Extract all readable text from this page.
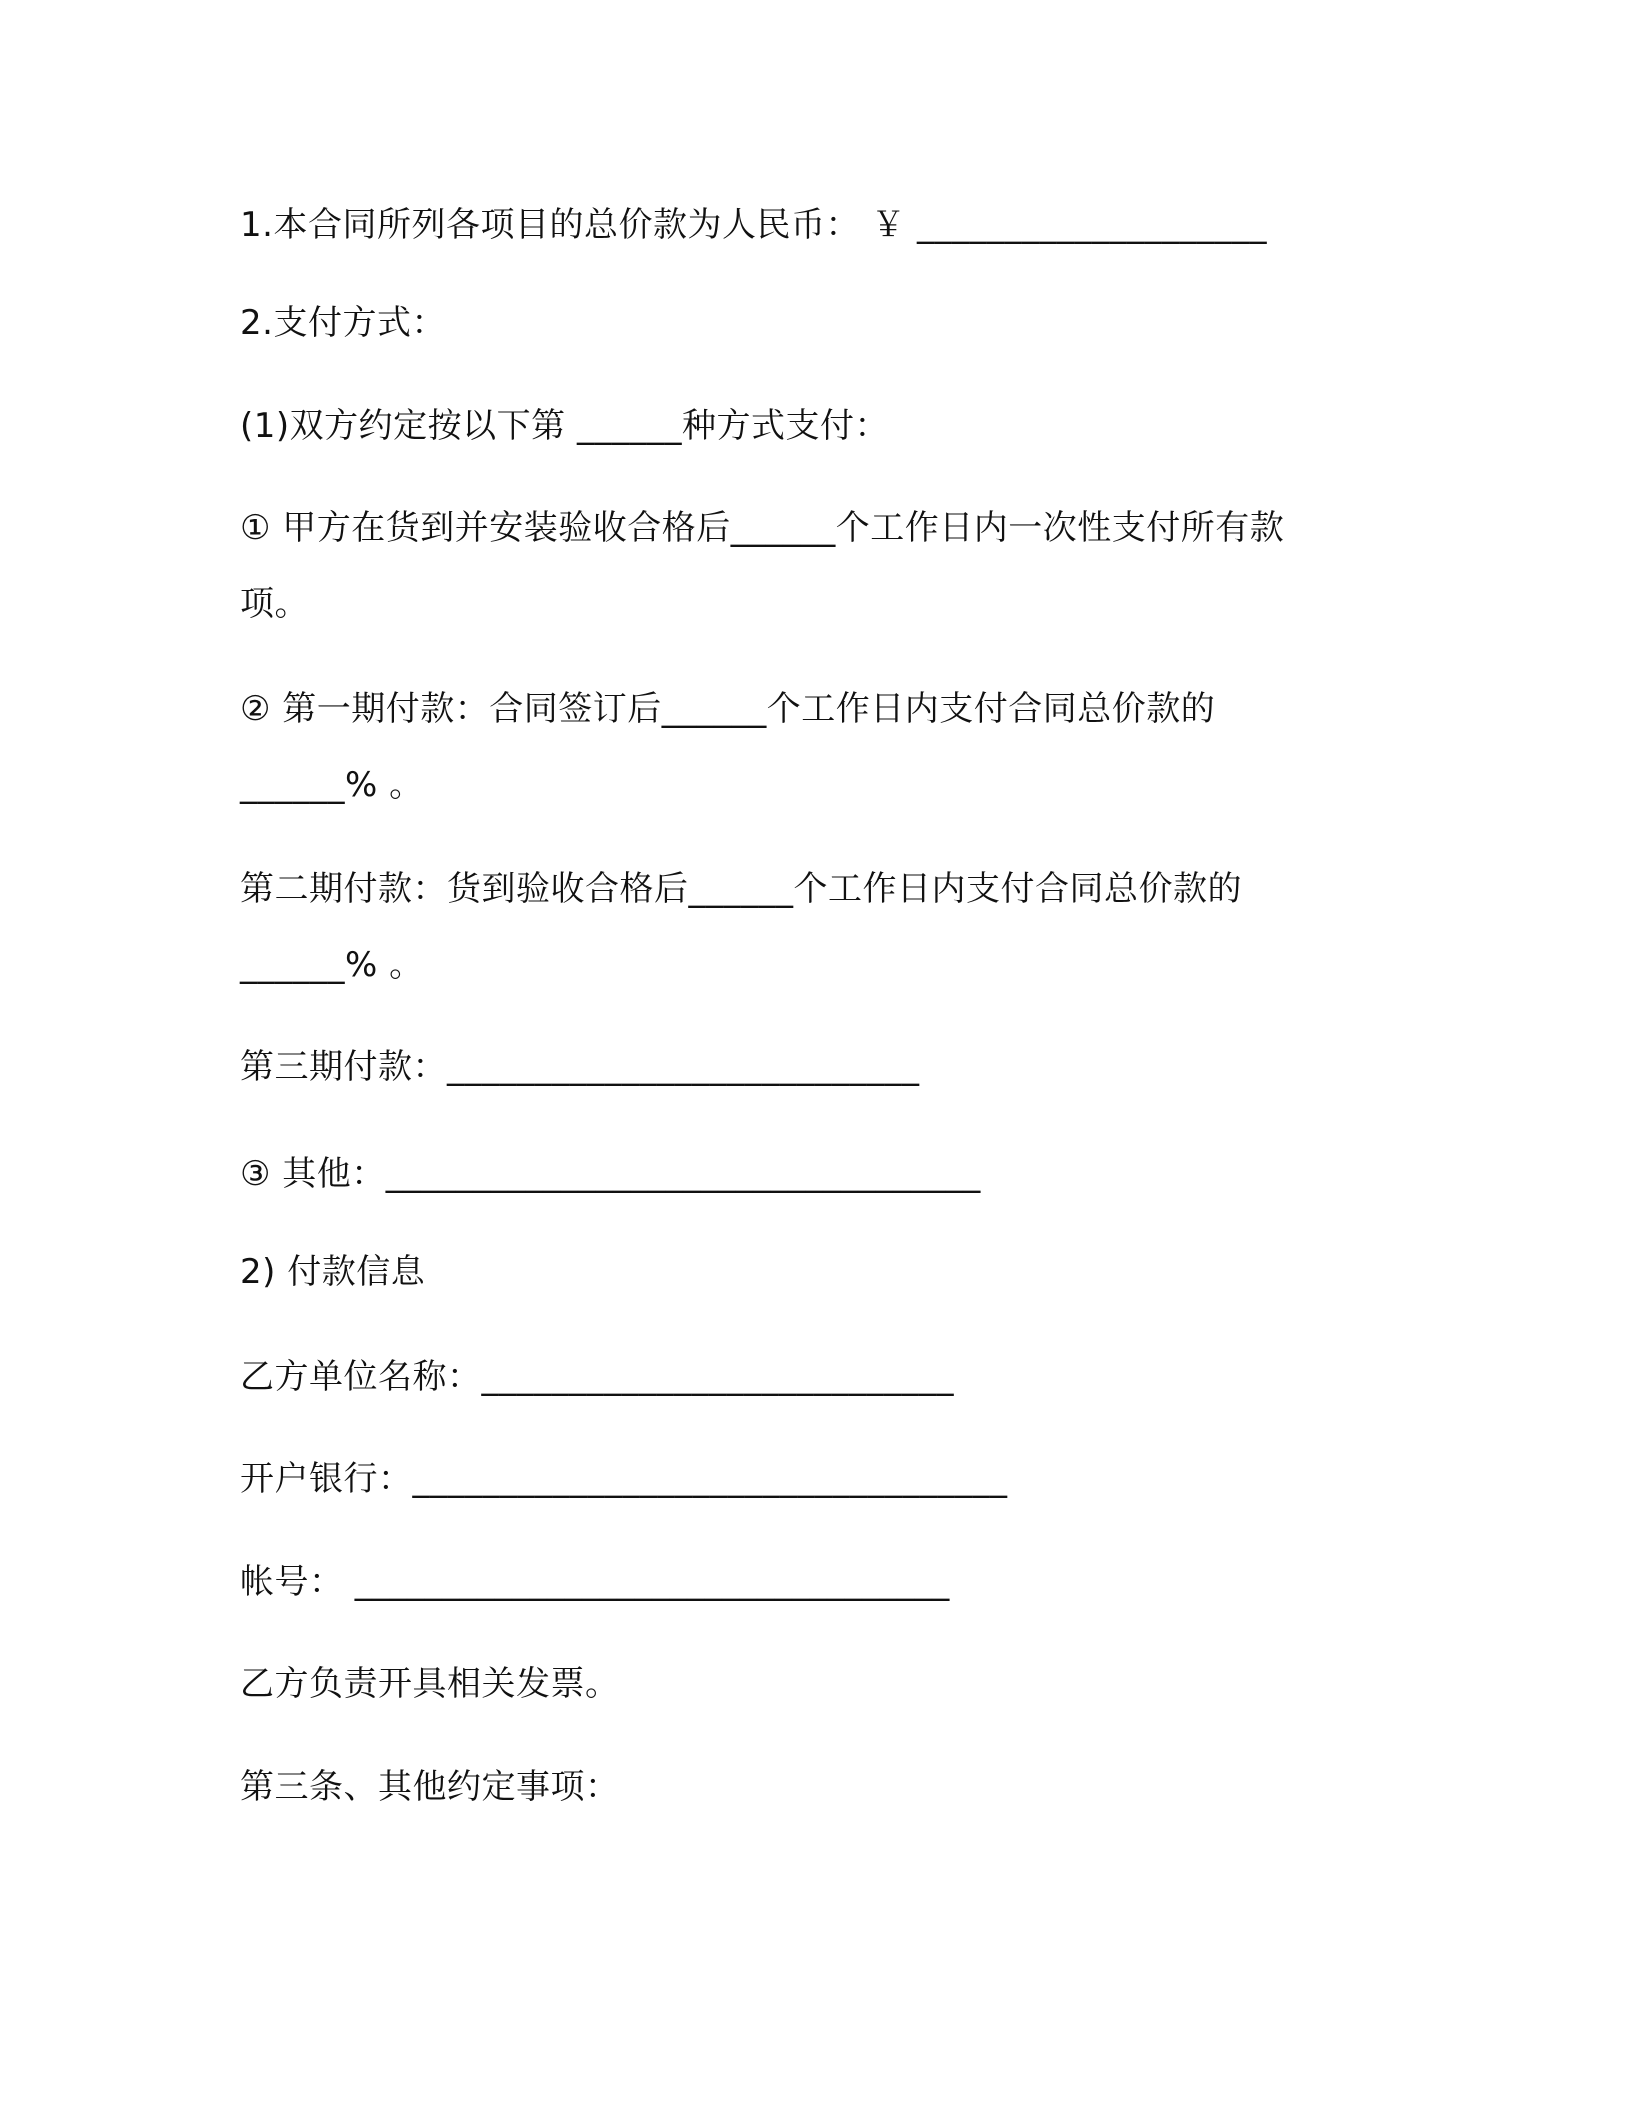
1.本合同所列各项目的总价款为人民币： ￥ ____________________
2.支付方式：
(1)双方约定按以下第 ______种方式支付：
① 甲方在货到并安装验收合格后______个工作日内一次性支付所有款
项。
② 第一期付款：合同签订后______个工作日内支付合同总价款的
______% 。
第二期付款：货到验收合格后______个工作日内支付合同总价款的
______% 。
第三期付款：___________________________
③ 其他：__________________________________
2) 付款信息
乙方单位名称：___________________________
开户银行：__________________________________
帐号： __________________________________
乙方负责开具相关发票。
第三条、其他约定事项：
